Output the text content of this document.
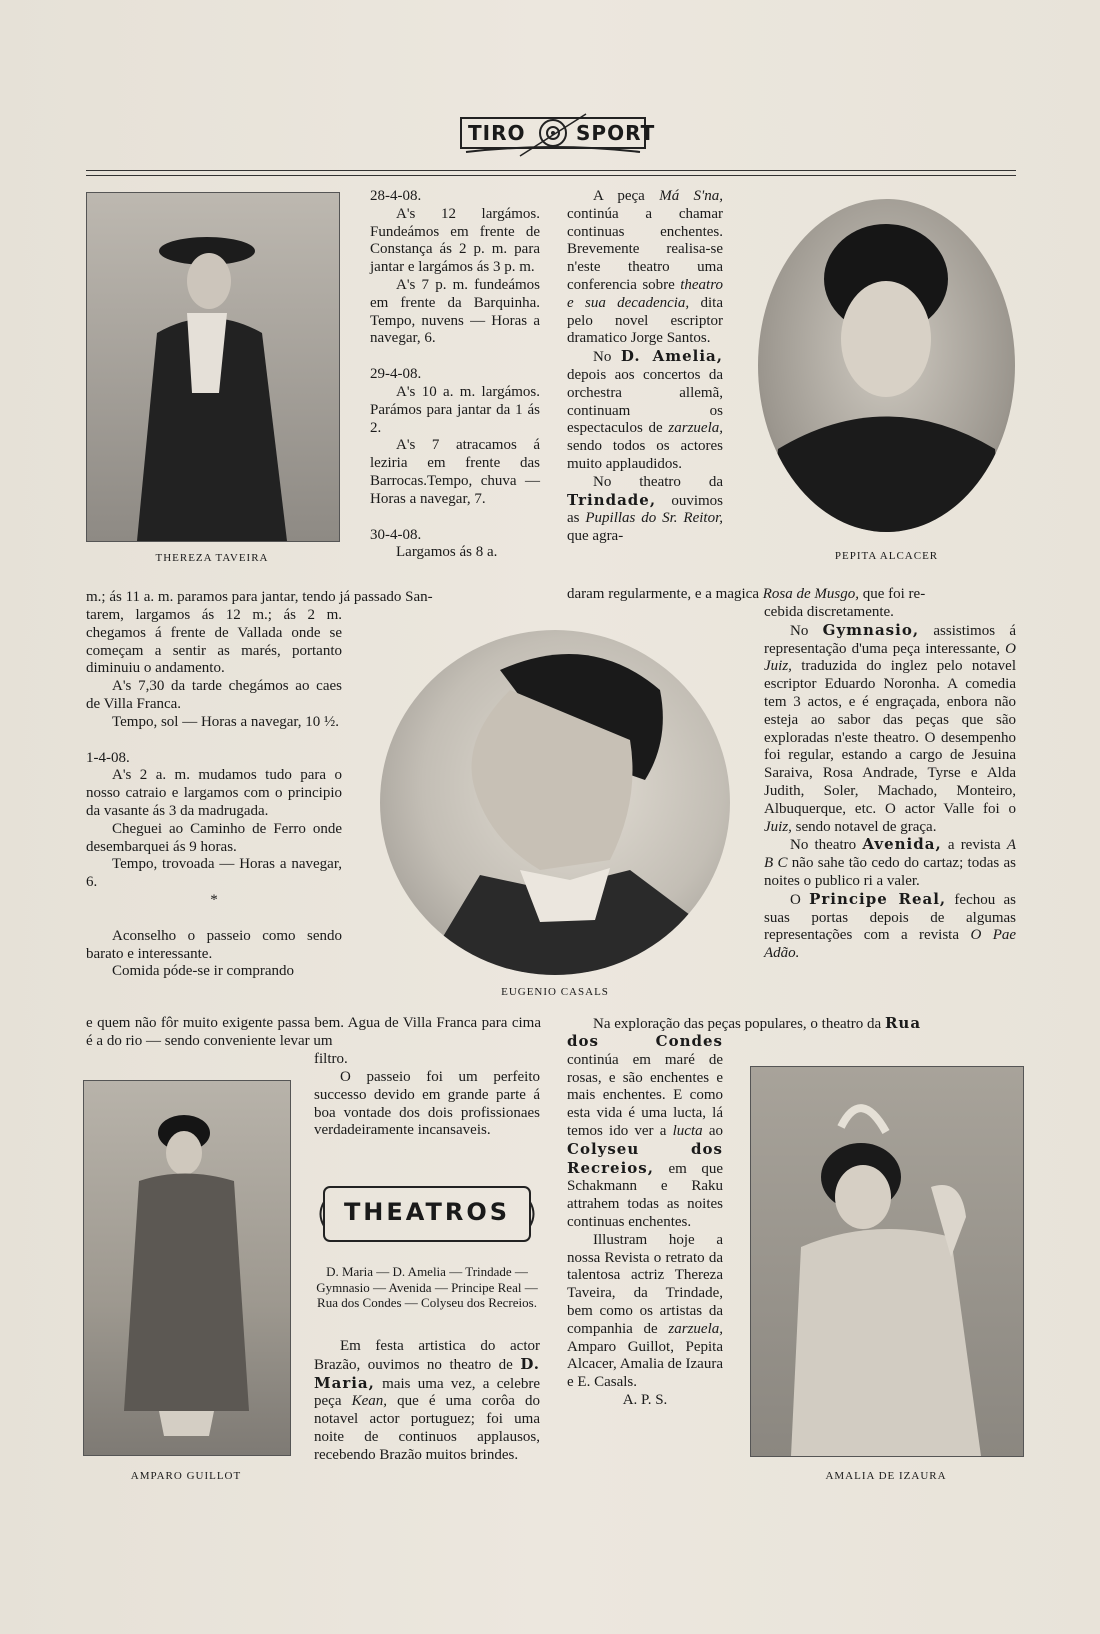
TIRO	SPORT
THEREZA TAVEIRA	PEPITA ALCACER
EUGENIO CASALS
AMPARO GUILLOT	AMALIA DE IZAURA

28-4-08.

A's 12 largámos. Fundeámos em frente de Constança ás 2 p. m. para jantar e largámos ás 3 p. m.

A's 7 p. m. fundeámos em frente da Barquinha. Tempo, nuvens — Horas a navegar, 6.

29-4-08.

A's 10 a. m. largámos. Parámos para jantar da 1 ás 2.

A's 7 atracamos á leziria em frente das Barrocas.Tempo, chuva — Horas a navegar, 7.

30-4-08.

Largamos ás 8 a.

m.; ás 11 a. m. paramos para jantar, tendo já passado San-

tarem, largamos ás 12 m.; ás 2 m. chegamos á frente de Vallada onde se começam a sentir as marés, portanto diminuiu o andamento.

A's 7,30 da tarde chegámos ao caes de Villa Franca.

Tempo, sol — Horas a navegar, 10 ½.

1-4-08.

A's 2 a. m. mudamos tudo para o nosso catraio e largamos com o principio da vasante ás 3 da madrugada.

Cheguei ao Caminho de Ferro onde desembarquei ás 9 horas.

Tempo, trovoada — Horas a navegar, 6.

*

Aconselho o passeio como sendo barato e interessante.

Comida póde-se ir comprando

e quem não fôr muito exigente passa bem. Agua de Villa Franca para cima é a do rio — sendo conveniente levar um
filtro.

O passeio foi um perfeito successo devido em grande parte á boa vontade dos dois profissionaes verdadeiramente incansaveis.

THEATROS
D. Maria — D. Amelia — Trindade — Gymnasio — Avenida — Principe Real — Rua dos Condes — Colyseu dos Recreios.

Em festa artistica do actor Brazão, ouvimos no theatro de D. Maria, mais uma vez, a celebre peça Kean, que é uma corôa do notavel actor portuguez; foi uma noite de continuos applausos, recebendo Brazão muitos brindes.

A peça Má S'na, continúa a chamar continuas enchentes. Brevemente realisa-se n'este theatro uma conferencia sobre theatro e sua decadencia, dita pelo novel escriptor dramatico Jorge Santos.

No D. Amelia, depois aos concertos da orchestra allemã, continuam os espectaculos de zarzuela, sendo todos os actores muito applaudidos.

No theatro da Trindade, ouvimos as Pupillas do Sr. Reitor, que agra-

daram regularmente, e a magica Rosa de Musgo, que foi re-

cebida discretamente.

No Gymnasio, assistimos á representação d'uma peça interessante, O Juiz, traduzida do inglez pelo notavel escriptor Eduardo Noronha. A comedia tem 3 actos, e é engraçada, enbora não esteja ao sabor das peças que são exploradas n'este theatro. O desempenho foi regular, estando a cargo de Jesuina Saraiva, Rosa Andrade, Tyrse e Alda Judith, Soler, Machado, Monteiro, Albuquerque, etc. O actor Valle foi o Juiz, sendo notavel de graça.

No theatro Avenida, a revista A B C não sahe tão cedo do cartaz; todas as noites o publico ri a valer.

O Principe Real, fechou as suas portas depois de algumas representações com a revista O Pae Adão.

Na exploração das peças populares, o theatro da Rua

dos Condes continúa em maré de rosas, e são enchentes e mais enchentes. E como esta vida é uma lucta, lá temos ido ver a lucta ao Colyseu dos Recreios, em que Schakmann e Raku attrahem todas as noites continuas enchentes.

Illustram hoje a nossa Revista o retrato da talentosa actriz Thereza Taveira, da Trindade, bem como os artistas da companhia de zarzuela, Amparo Guillot, Pepita Alcacer, Amalia de Izaura e E. Casals.

A. P. S.
